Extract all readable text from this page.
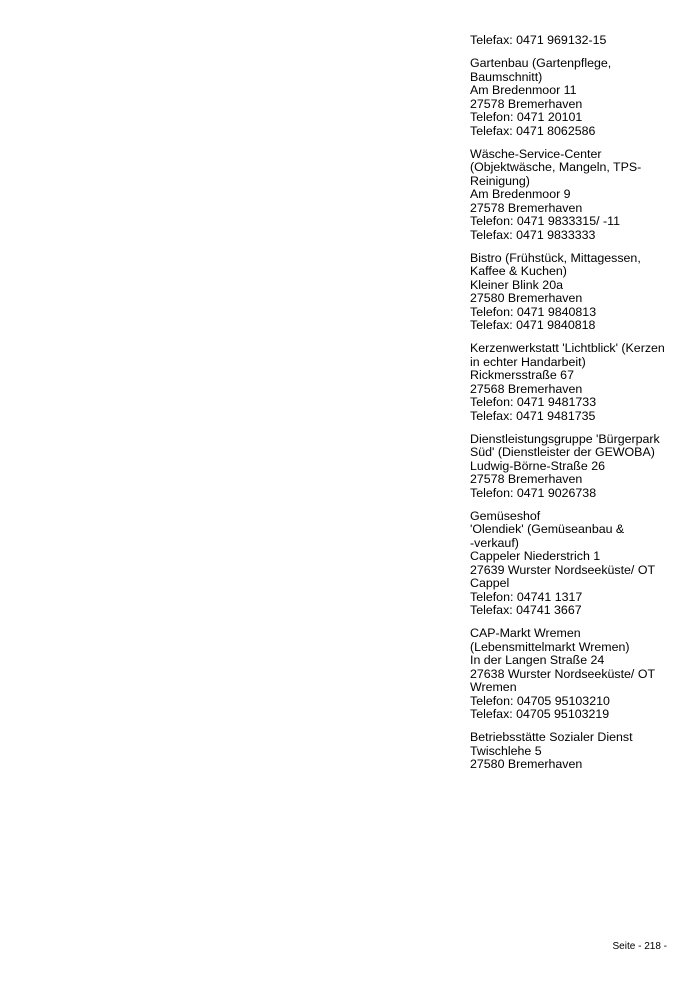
Telefax: 0471 969132-15
Gartenbau (Gartenpflege,
Baumschnitt)
Am Bredenmoor 11
27578 Bremerhaven
Telefon: 0471 20101
Telefax: 0471 8062586
Wäsche-Service-Center
(Objektwäsche, Mangeln, TPS-
Reinigung)
Am Bredenmoor 9
27578 Bremerhaven
Telefon: 0471 9833315/ -11
Telefax: 0471 9833333
Bistro (Frühstück, Mittagessen,
Kaffee & Kuchen)
Kleiner Blink 20a
27580 Bremerhaven
Telefon: 0471 9840813
Telefax: 0471 9840818
Kerzenwerkstatt 'Lichtblick' (Kerzen
in echter Handarbeit)
Rickmersstraße 67
27568 Bremerhaven
Telefon: 0471 9481733
Telefax: 0471 9481735
Dienstleistungsgruppe 'Bürgerpark
Süd' (Dienstleister der GEWOBA)
Ludwig-Börne-Straße 26
27578 Bremerhaven
Telefon: 0471 9026738
Gemüseshof
'Olendiek' (Gemüseanbau &
-verkauf)
Cappeler Niederstrich 1
27639 Wurster Nordseeküste/ OT
Cappel
Telefon: 04741 1317
Telefax: 04741 3667
CAP-Markt Wremen
(Lebensmittelmarkt Wremen)
In der Langen Straße 24
27638 Wurster Nordseeküste/ OT
Wremen
Telefon: 04705 95103210
Telefax: 04705 95103219
Betriebsstätte Sozialer Dienst
Twischlehe 5
27580 Bremerhaven
Seite - 218 -
